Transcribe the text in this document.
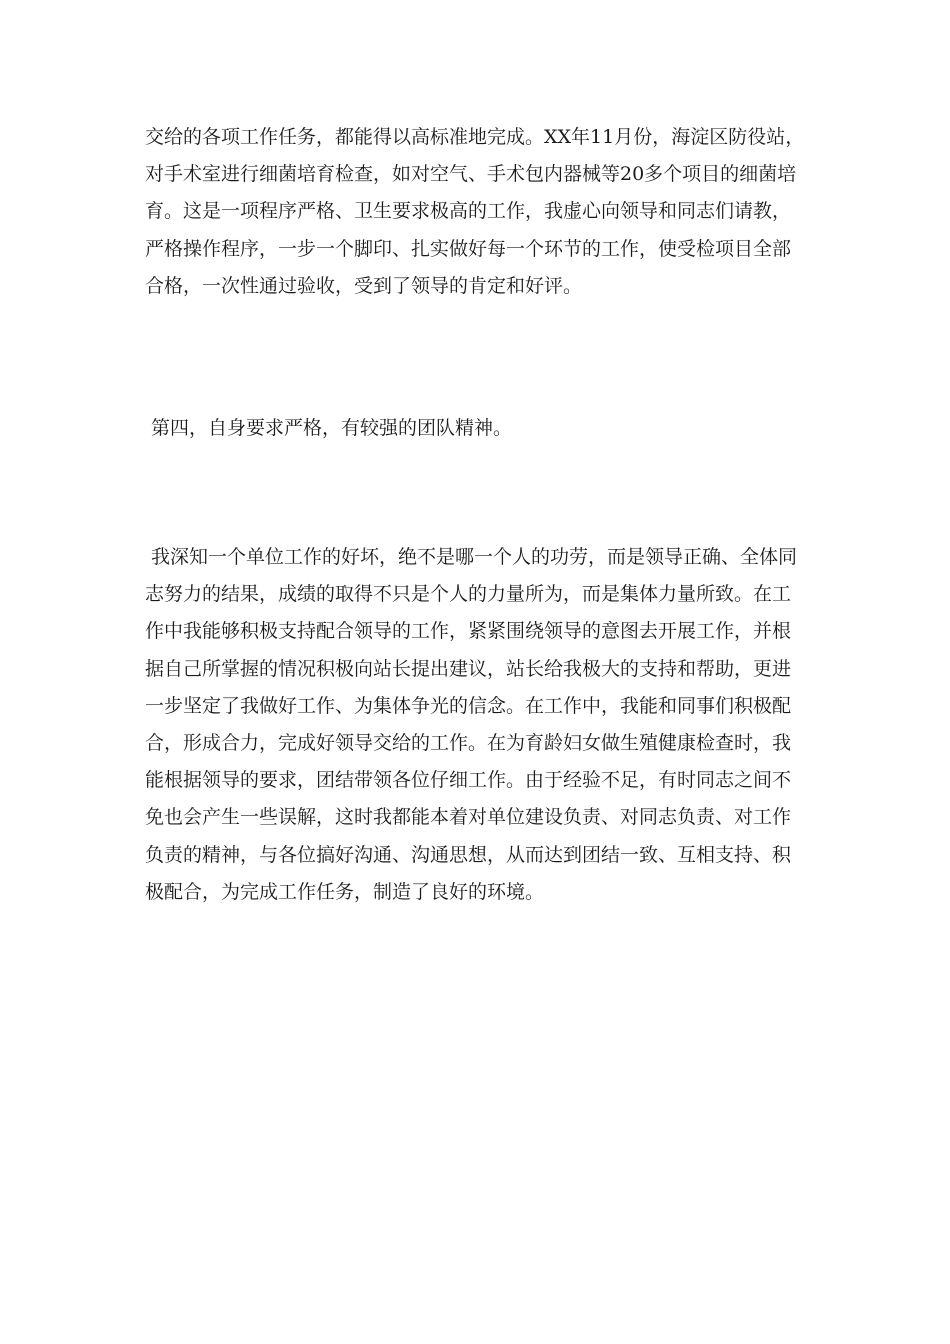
交给的各项工作任务，都能得以高标准地完成。XX年11月份，海淀区防役站，
对手术室进行细菌培育检查，如对空气、手术包内器械等20多个项目的细菌培
育。这是一项程序严格、卫生要求极高的工作，我虚心向领导和同志们请教，
严格操作程序，一步一个脚印、扎实做好每一个环节的工作，使受检项目全部
合格，一次性通过验收，受到了领导的肯定和好评。

第四，自身要求严格，有较强的团队精神。

我深知一个单位工作的好坏，绝不是哪一个人的功劳，而是领导正确、全体同
志努力的结果，成绩的取得不只是个人的力量所为，而是集体力量所致。在工
作中我能够积极支持配合领导的工作，紧紧围绕领导的意图去开展工作，并根
据自己所掌握的情况积极向站长提出建议，站长给我极大的支持和帮助，更进
一步坚定了我做好工作、为集体争光的信念。在工作中，我能和同事们积极配
合，形成合力，完成好领导交给的工作。在为育龄妇女做生殖健康检查时，我
能根据领导的要求，团结带领各位仔细工作。由于经验不足，有时同志之间不
免也会产生一些误解，这时我都能本着对单位建设负责、对同志负责、对工作
负责的精神，与各位搞好沟通、沟通思想，从而达到团结一致、互相支持、积
极配合，为完成工作任务，制造了良好的环境。
